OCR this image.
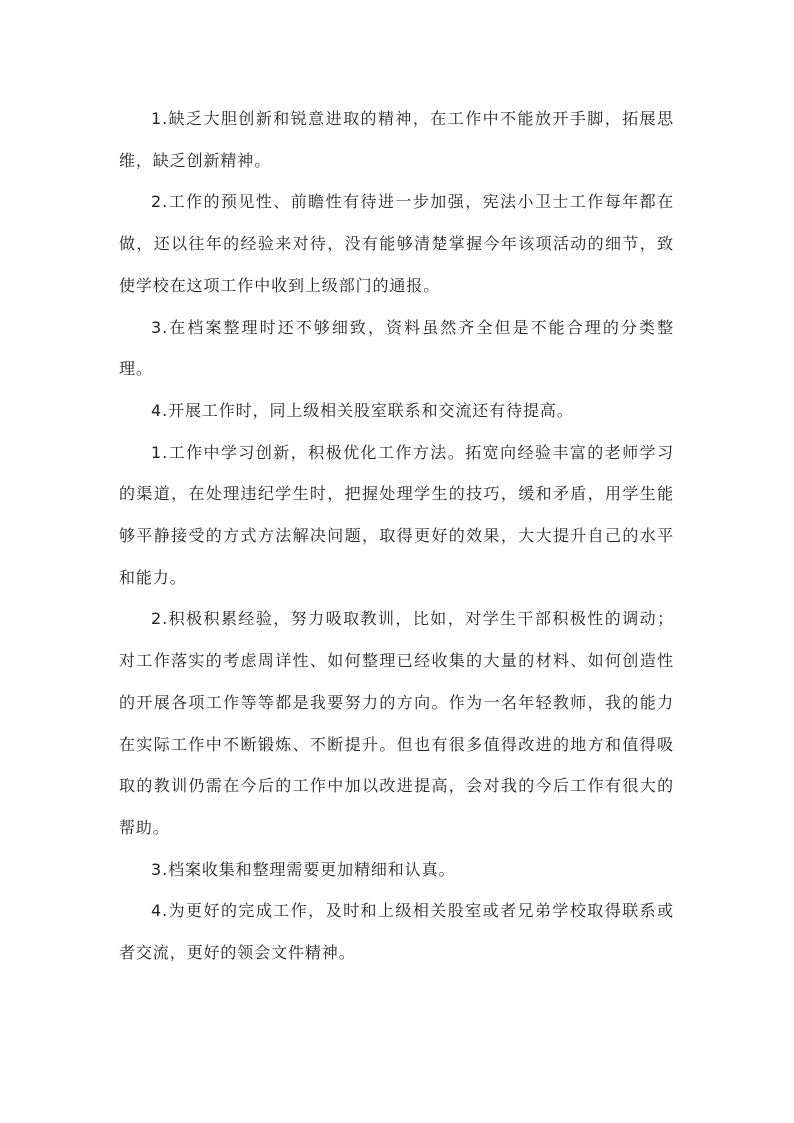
1.缺乏大胆创新和锐意进取的精神，在工作中不能放开手脚，拓展思维，缺乏创新精神。

2.工作的预见性、前瞻性有待进一步加强，宪法小卫士工作每年都在做，还以往年的经验来对待，没有能够清楚掌握今年该项活动的细节，致使学校在这项工作中收到上级部门的通报。

3.在档案整理时还不够细致，资料虽然齐全但是不能合理的分类整理。

4.开展工作时，同上级相关股室联系和交流还有待提高。

1.工作中学习创新，积极优化工作方法。拓宽向经验丰富的老师学习的渠道，在处理违纪学生时，把握处理学生的技巧，缓和矛盾，用学生能够平静接受的方式方法解决问题，取得更好的效果，大大提升自己的水平和能力。

2.积极积累经验，努力吸取教训，比如，对学生干部积极性的调动；对工作落实的考虑周详性、如何整理已经收集的大量的材料、如何创造性的开展各项工作等等都是我要努力的方向。作为一名年轻教师，我的能力在实际工作中不断锻炼、不断提升。但也有很多值得改进的地方和值得吸取的教训仍需在今后的工作中加以改进提高，会对我的今后工作有很大的帮助。

3.档案收集和整理需要更加精细和认真。

4.为更好的完成工作，及时和上级相关股室或者兄弟学校取得联系或者交流，更好的领会文件精神。
